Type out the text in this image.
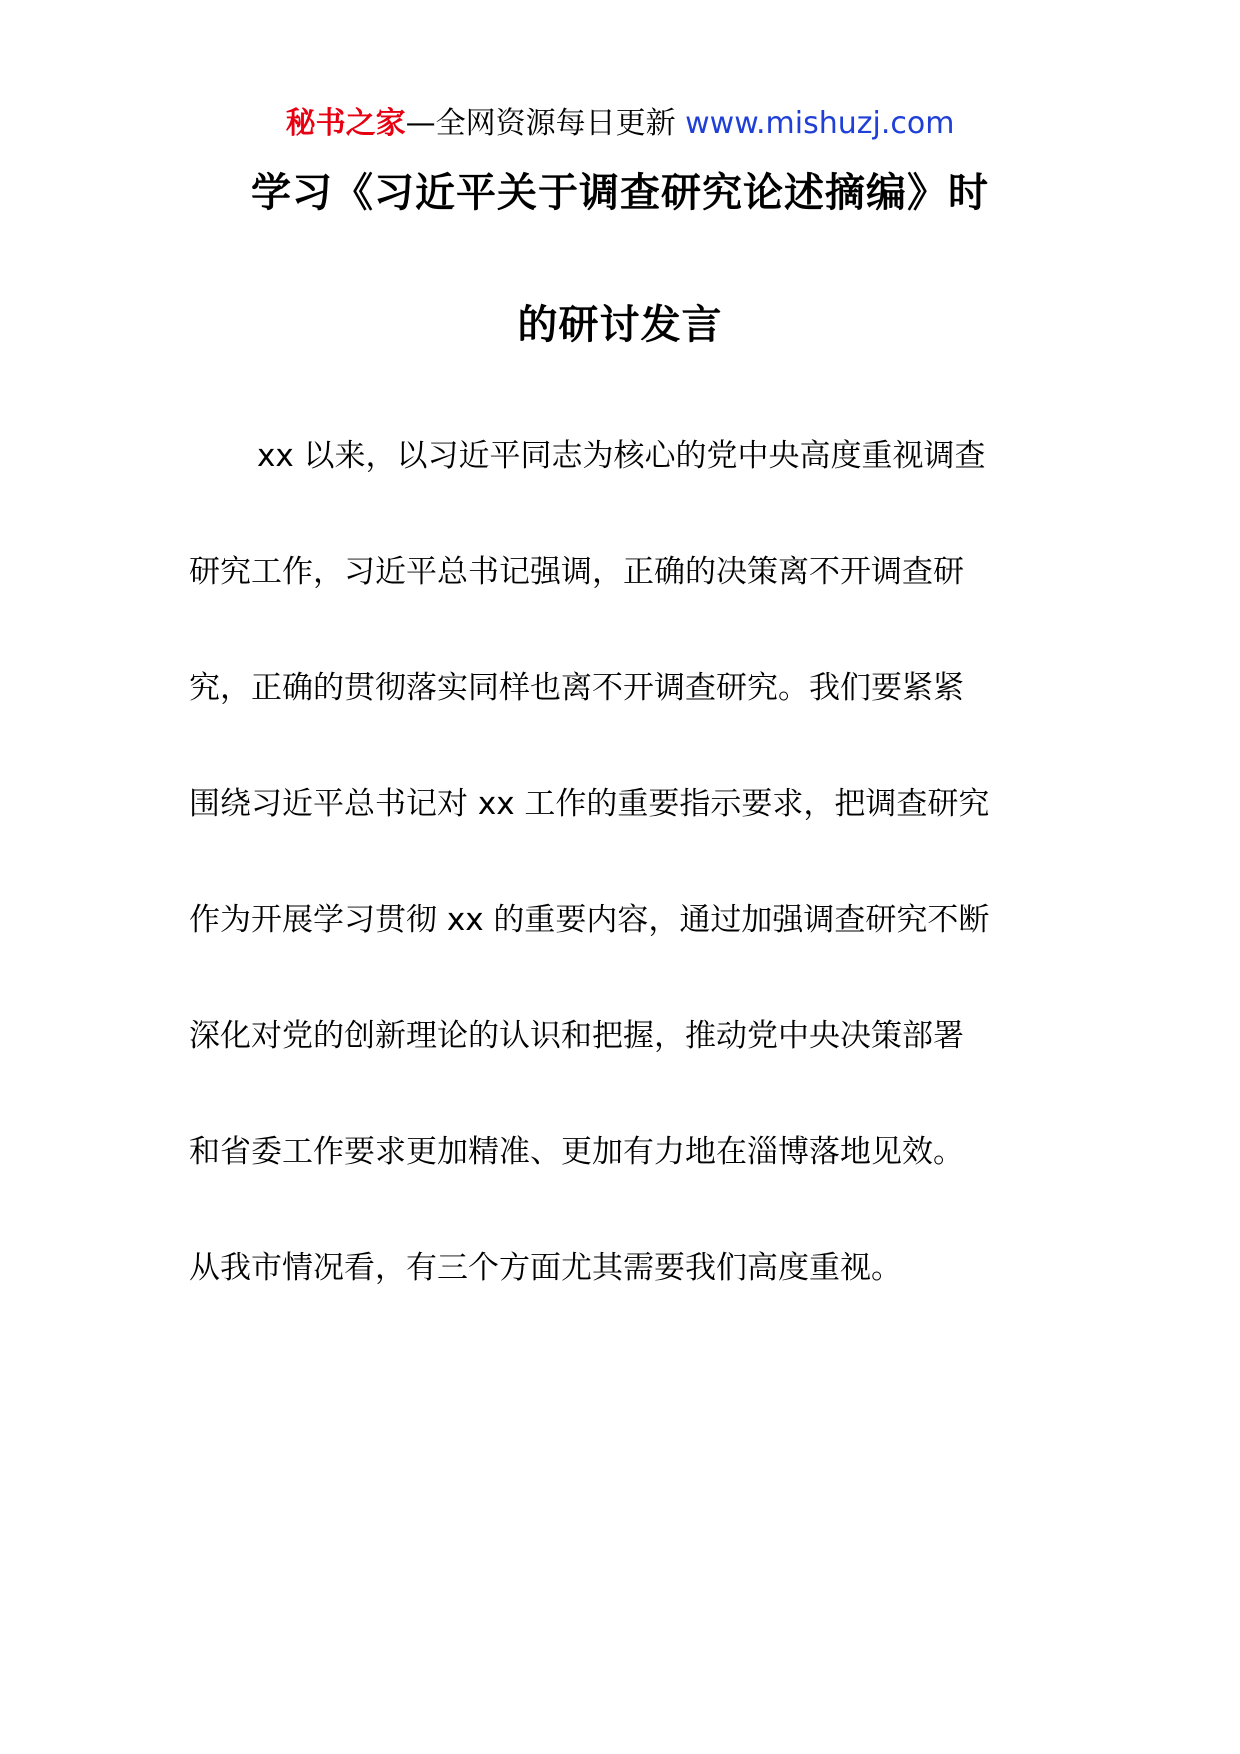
秘书之家—全网资源每日更新 www.mishuzj.com
学习《习近平关于调查研究论述摘编》时
的研讨发言
xx 以来，以习近平同志为核心的党中央高度重视调查
研究工作，习近平总书记强调，正确的决策离不开调查研
究，正确的贯彻落实同样也离不开调查研究。我们要紧紧
围绕习近平总书记对 xx 工作的重要指示要求，把调查研究
作为开展学习贯彻 xx 的重要内容，通过加强调查研究不断
深化对党的创新理论的认识和把握，推动党中央决策部署
和省委工作要求更加精准、更加有力地在淄博落地见效。
从我市情况看，有三个方面尤其需要我们高度重视。
